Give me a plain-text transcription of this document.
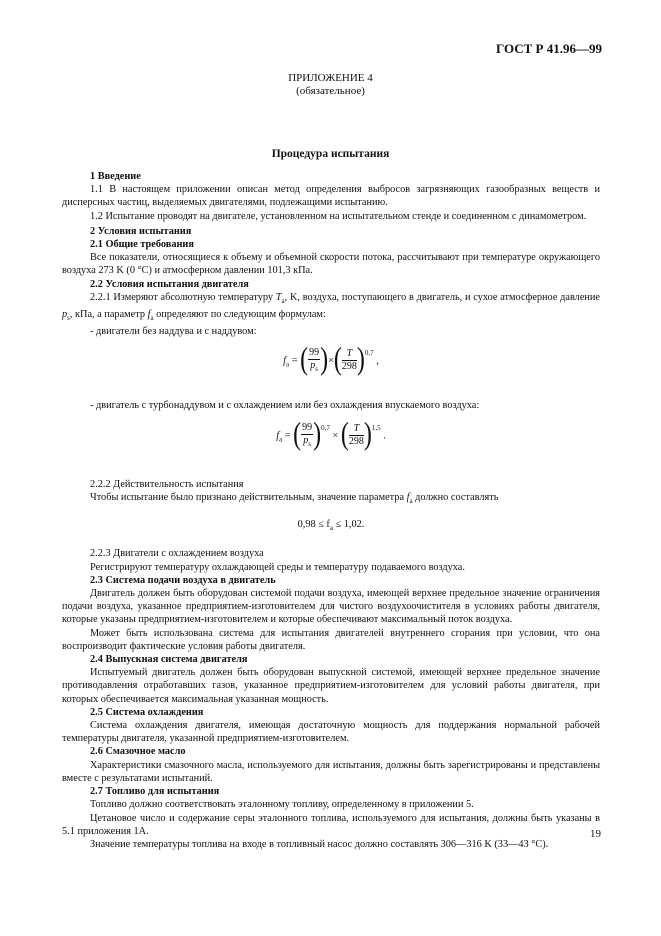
ГОСТ Р 41.96—99
ПРИЛОЖЕНИЕ 4
(обязательное)
Процедура испытания

1 Введение

1.1 В настоящем приложении описан метод определения выбросов загрязняющих газообразных веществ и дисперсных частиц, выделяемых двигателями, подлежащими испытанию.

1.2 Испытание проводят на двигателе, установленном на испытательном стенде и соединенном с динамометром.

2 Условия испытания

2.1 Общие требования

Все показатели, относящиеся к объему и объемной скорости потока, рассчитывают при температуре окружающего воздуха 273 K (0 °С) и атмосферном давлении 101,3 кПа.

2.2 Условия испытания двигателя

2.2.1 Измеряют абсолютную температуру $T_a$, K, воздуха, поступающего в двигатель, и сухое атмосферное давление $p_s$, кПа, а параметр $f_a$ определяют по следующим формулам:

- двигатели без наддува и с наддувом:

$f_a$ = ( $\frac{99}{p_s}$ )×( $\frac{T}{298} )^{0,7}$ ,

- двигатель с турбонаддувом и с охлаждением или без охлаждения впускаемого воздуха:

$f_a$ = ( $\frac{99}{p_s} )^{0,7}$ × ( $\frac{T}{298} )^{1,5}$ .

2.2.2 Действительность испытания

Чтобы испытание было признано действительным, значение параметра $f_a$ должно составлять

$0,98 \le f_a \le 1,02$.

2.2.3 Двигатели с охлаждением воздуха

Регистрируют температуру охлаждающей среды и температуру подаваемого воздуха.

2.3 Система подачи воздуха в двигатель

Двигатель должен быть оборудован системой подачи воздуха, имеющей верхнее предельное значение ограничения подачи воздуха, указанное предприятием-изготовителем для чистого воздухоочистителя в условиях работы двигателя, которые указаны предприятием-изготовителем и которые обеспечивают максимальный поток воздуха.

Может быть использована система для испытания двигателей внутреннего сгорания при условии, что она воспроизводит фактические условия работы двигателя.

2.4 Выпускная система двигателя

Испытуемый двигатель должен быть оборудован выпускной системой, имеющей верхнее предельное значение противодавления отработавших газов, указанное предприятием-изготовителем для условий работы двигателя, при которых обеспечивается максимальная указанная мощность.

2.5 Система охлаждения

Система охлаждения двигателя, имеющая достаточную мощность для поддержания нормальной рабочей температуры двигателя, указанной предприятием-изготовителем.

2.6 Смазочное масло

Характеристики смазочного масла, используемого для испытания, должны быть зарегистрированы и представлены вместе с результатами испытаний.

2.7 Топливо для испытания

Топливо должно соответствовать эталонному топливу, определенному в приложении 5.

Цетановое число и содержание серы эталонного топлива, используемого для испытания, должны быть указаны в 5.1 приложения 1А.

Значение температуры топлива на входе в топливный насос должно составлять 306—316 K (33—43 °С).

19
